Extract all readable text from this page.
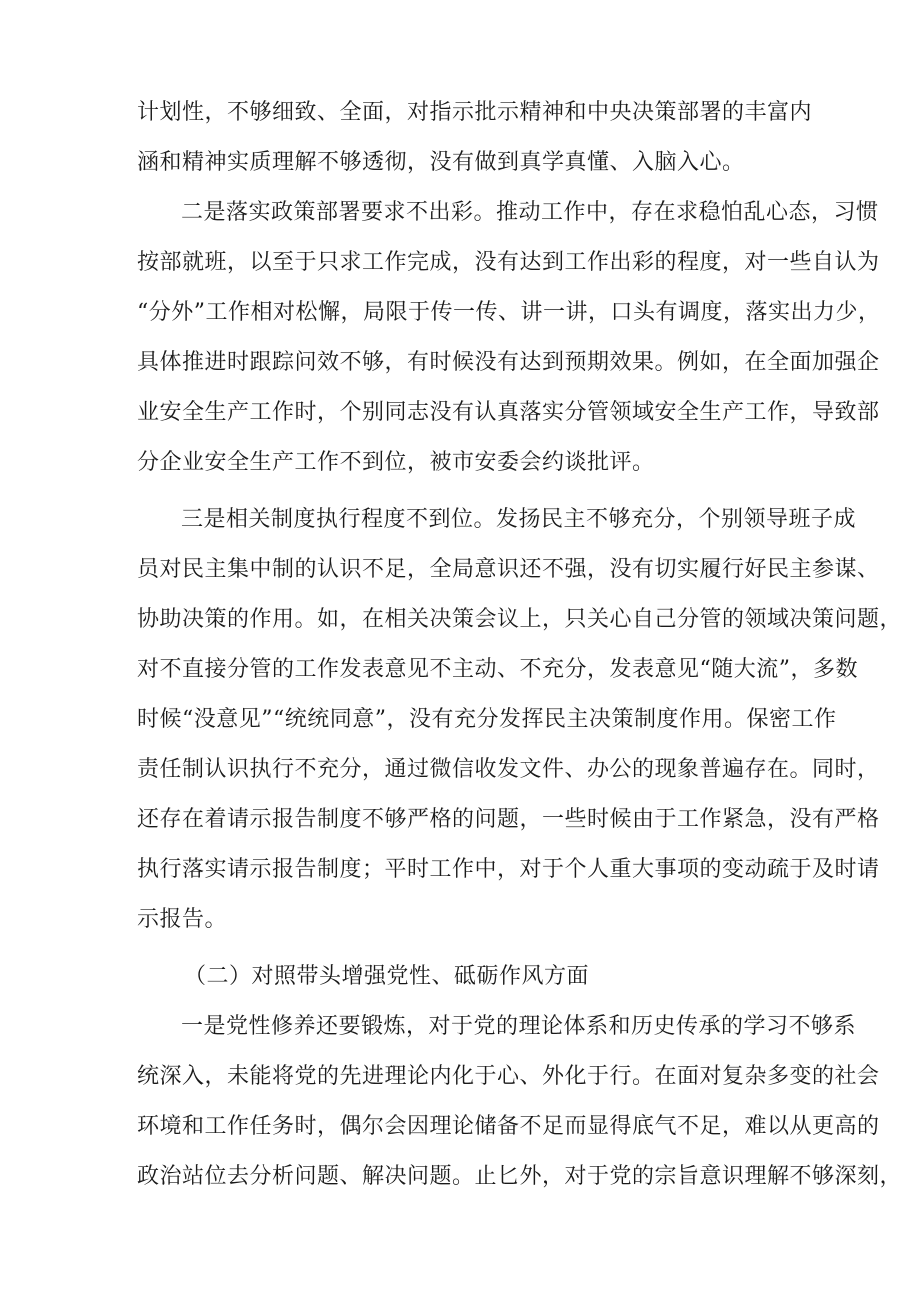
计划性，不够细致、全面，对指示批示精神和中央决策部署的丰富内
涵和精神实质理解不够透彻，没有做到真学真懂、入脑入心。
二是落实政策部署要求不出彩。推动工作中，存在求稳怕乱心态，习惯
按部就班，以至于只求工作完成，没有达到工作出彩的程度，对一些自认为
“分外”工作相对松懈，局限于传一传、讲一讲，口头有调度，落实出力少，
具体推进时跟踪问效不够，有时候没有达到预期效果。例如，在全面加强企
业安全生产工作时，个别同志没有认真落实分管领域安全生产工作，导致部
分企业安全生产工作不到位，被市安委会约谈批评。
三是相关制度执行程度不到位。发扬民主不够充分，个别领导班子成
员对民主集中制的认识不足，全局意识还不强，没有切实履行好民主参谋、
协助决策的作用。如，在相关决策会议上，只关心自己分管的领域决策问题，
对不直接分管的工作发表意见不主动、不充分，发表意见“随大流”，多数
时候“没意见”“统统同意”，没有充分发挥民主决策制度作用。保密工作
责任制认识执行不充分，通过微信收发文件、办公的现象普遍存在。同时，
还存在着请示报告制度不够严格的问题，一些时候由于工作紧急，没有严格
执行落实请示报告制度；平时工作中，对于个人重大事项的变动疏于及时请
示报告。
（二）对照带头增强党性、砥砺作风方面
一是党性修养还要锻炼，对于党的理论体系和历史传承的学习不够系
统深入，未能将党的先进理论内化于心、外化于行。在面对复杂多变的社会
环境和工作任务时，偶尔会因理论储备不足而显得底气不足，难以从更高的
政治站位去分析问题、解决问题。止匕外，对于党的宗旨意识理解不够深刻，
